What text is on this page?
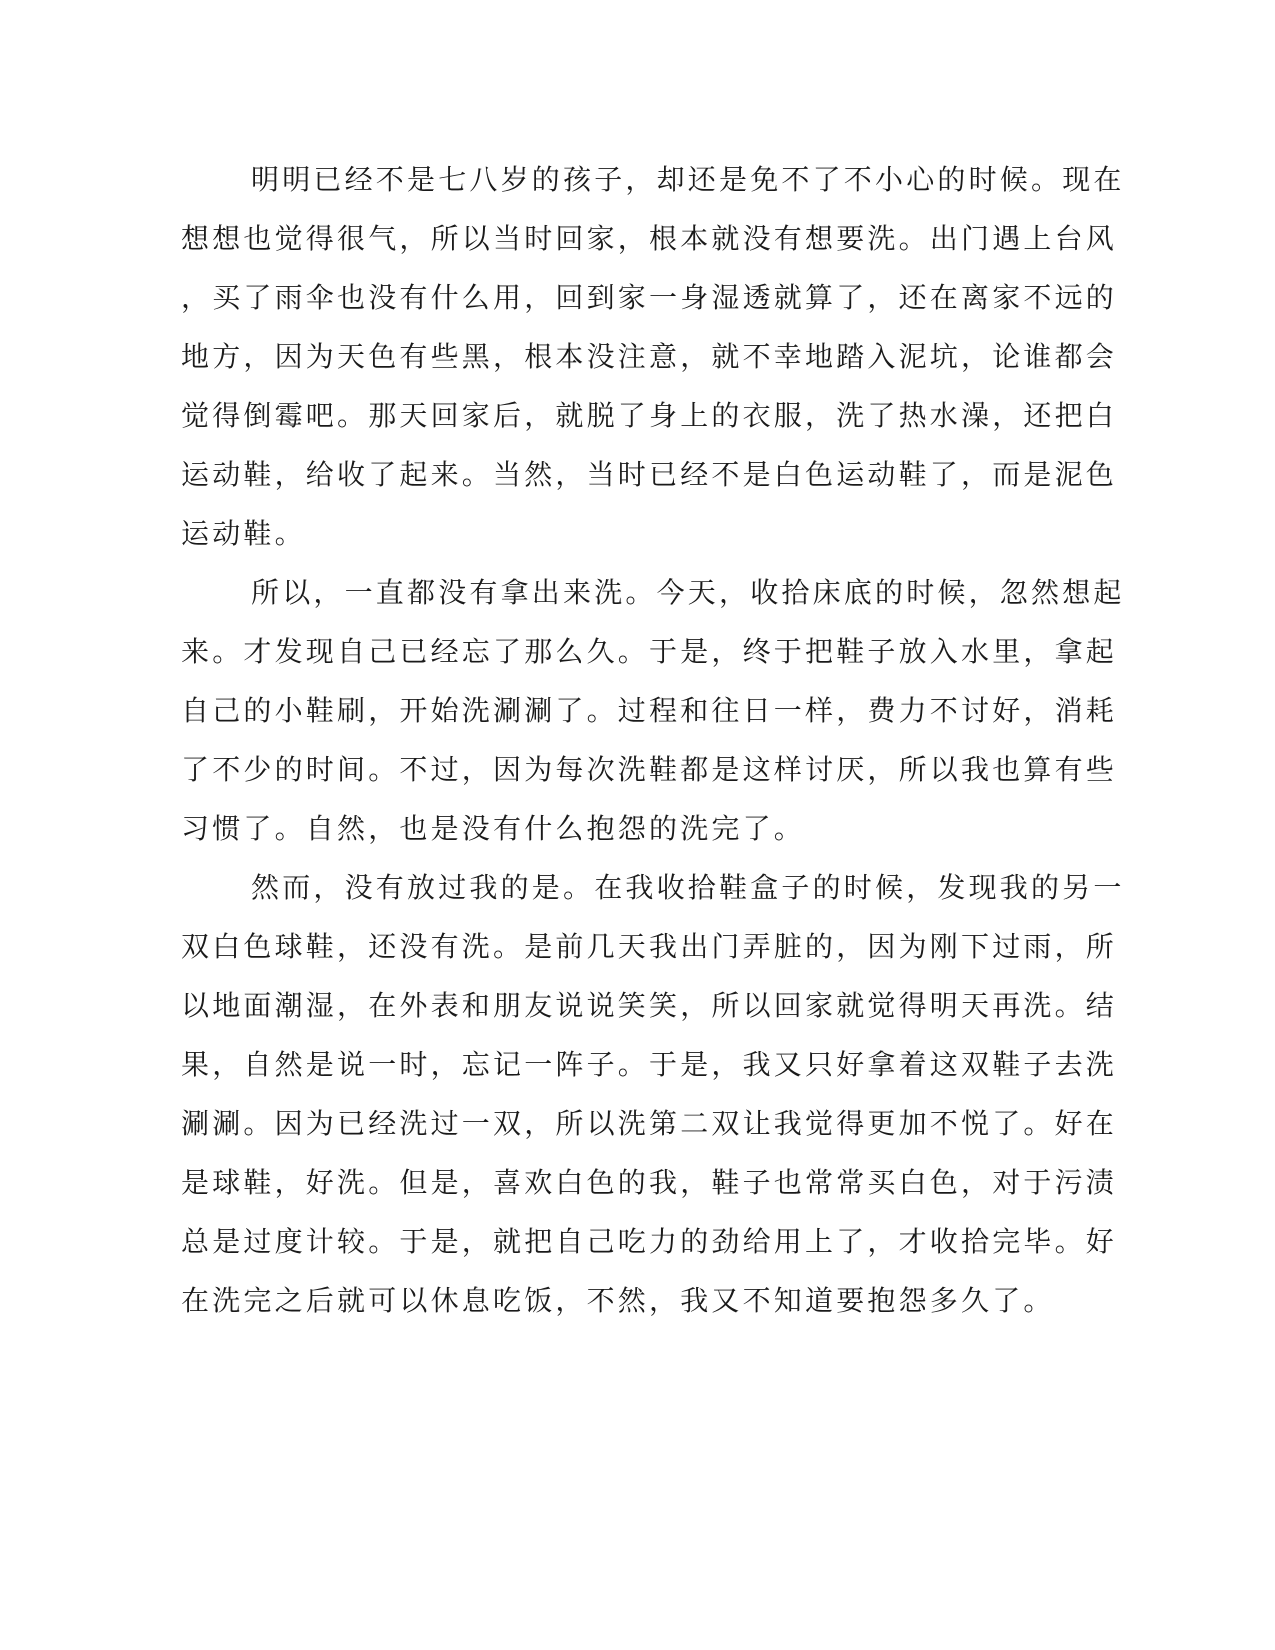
明明已经不是七八岁的孩子，却还是免不了不小心的时候。现在
想想也觉得很气，所以当时回家，根本就没有想要洗。出门遇上台风
，买了雨伞也没有什么用，回到家一身湿透就算了，还在离家不远的
地方，因为天色有些黑，根本没注意，就不幸地踏入泥坑，论谁都会
觉得倒霉吧。那天回家后，就脱了身上的衣服，洗了热水澡，还把白
运动鞋，给收了起来。当然，当时已经不是白色运动鞋了，而是泥色
运动鞋。
所以，一直都没有拿出来洗。今天，收拾床底的时候，忽然想起
来。才发现自己已经忘了那么久。于是，终于把鞋子放入水里，拿起
自己的小鞋刷，开始洗涮涮了。过程和往日一样，费力不讨好，消耗
了不少的时间。不过，因为每次洗鞋都是这样讨厌，所以我也算有些
习惯了。自然，也是没有什么抱怨的洗完了。
然而，没有放过我的是。在我收拾鞋盒子的时候，发现我的另一
双白色球鞋，还没有洗。是前几天我出门弄脏的，因为刚下过雨，所
以地面潮湿，在外表和朋友说说笑笑，所以回家就觉得明天再洗。结
果，自然是说一时，忘记一阵子。于是，我又只好拿着这双鞋子去洗
涮涮。因为已经洗过一双，所以洗第二双让我觉得更加不悦了。好在
是球鞋，好洗。但是，喜欢白色的我，鞋子也常常买白色，对于污渍
总是过度计较。于是，就把自己吃力的劲给用上了，才收拾完毕。好
在洗完之后就可以休息吃饭，不然，我又不知道要抱怨多久了。
